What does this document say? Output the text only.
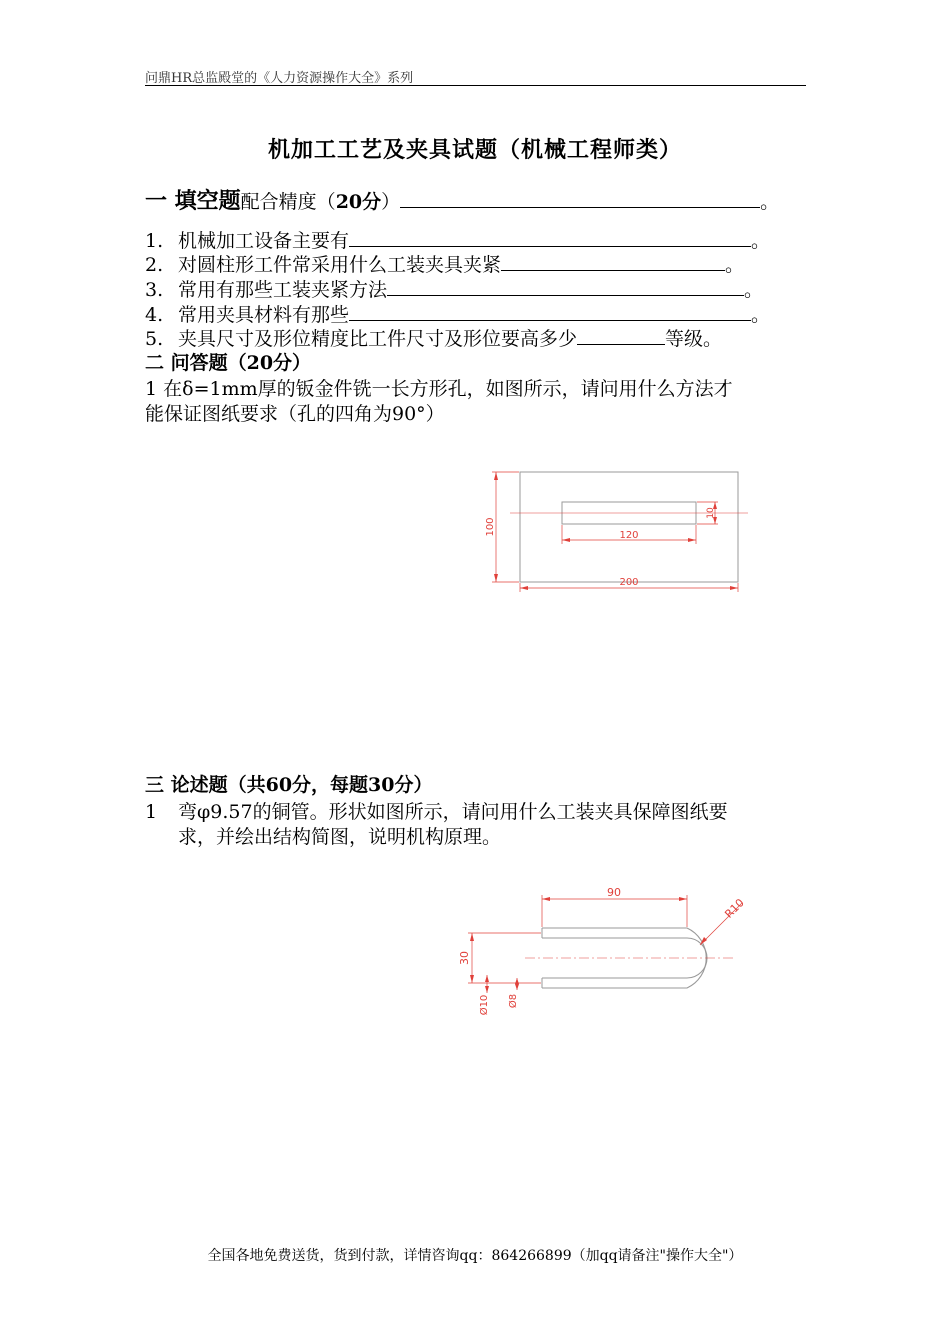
问鼎HR总监殿堂的《人力资源操作大全》系列
机加工工艺及夹具试题（机械工程师类）
一 填空题配合精度（20分）	。
1. 机械加工设备主要有	。
2. 对圆柱形工件常采用什么工装夹具夹紧	。
3. 常用有那些工装夹紧方法	。
4. 常用夹具材料有那些	。
5. 夹具尺寸及形位精度比工件尺寸及形位要高多少	等级。
二 问答题（20分）
1 在δ=1mm厚的钣金件铣一长方形孔，如图所示，请问用什么方法才
能保证图纸要求（孔的四角为90°）
200
100	120
10
三 论述题（共60分，每题30分）
1 弯φ9.57的铜管。形状如图所示，请问用什么工装夹具保障图纸要
求，并绘出结构简图，说明机构原理。
90
R10
30
Ø10 Ø8
全国各地免费送货，货到付款，详情咨询qq：864266899（加qq请备注"操作大全"）
